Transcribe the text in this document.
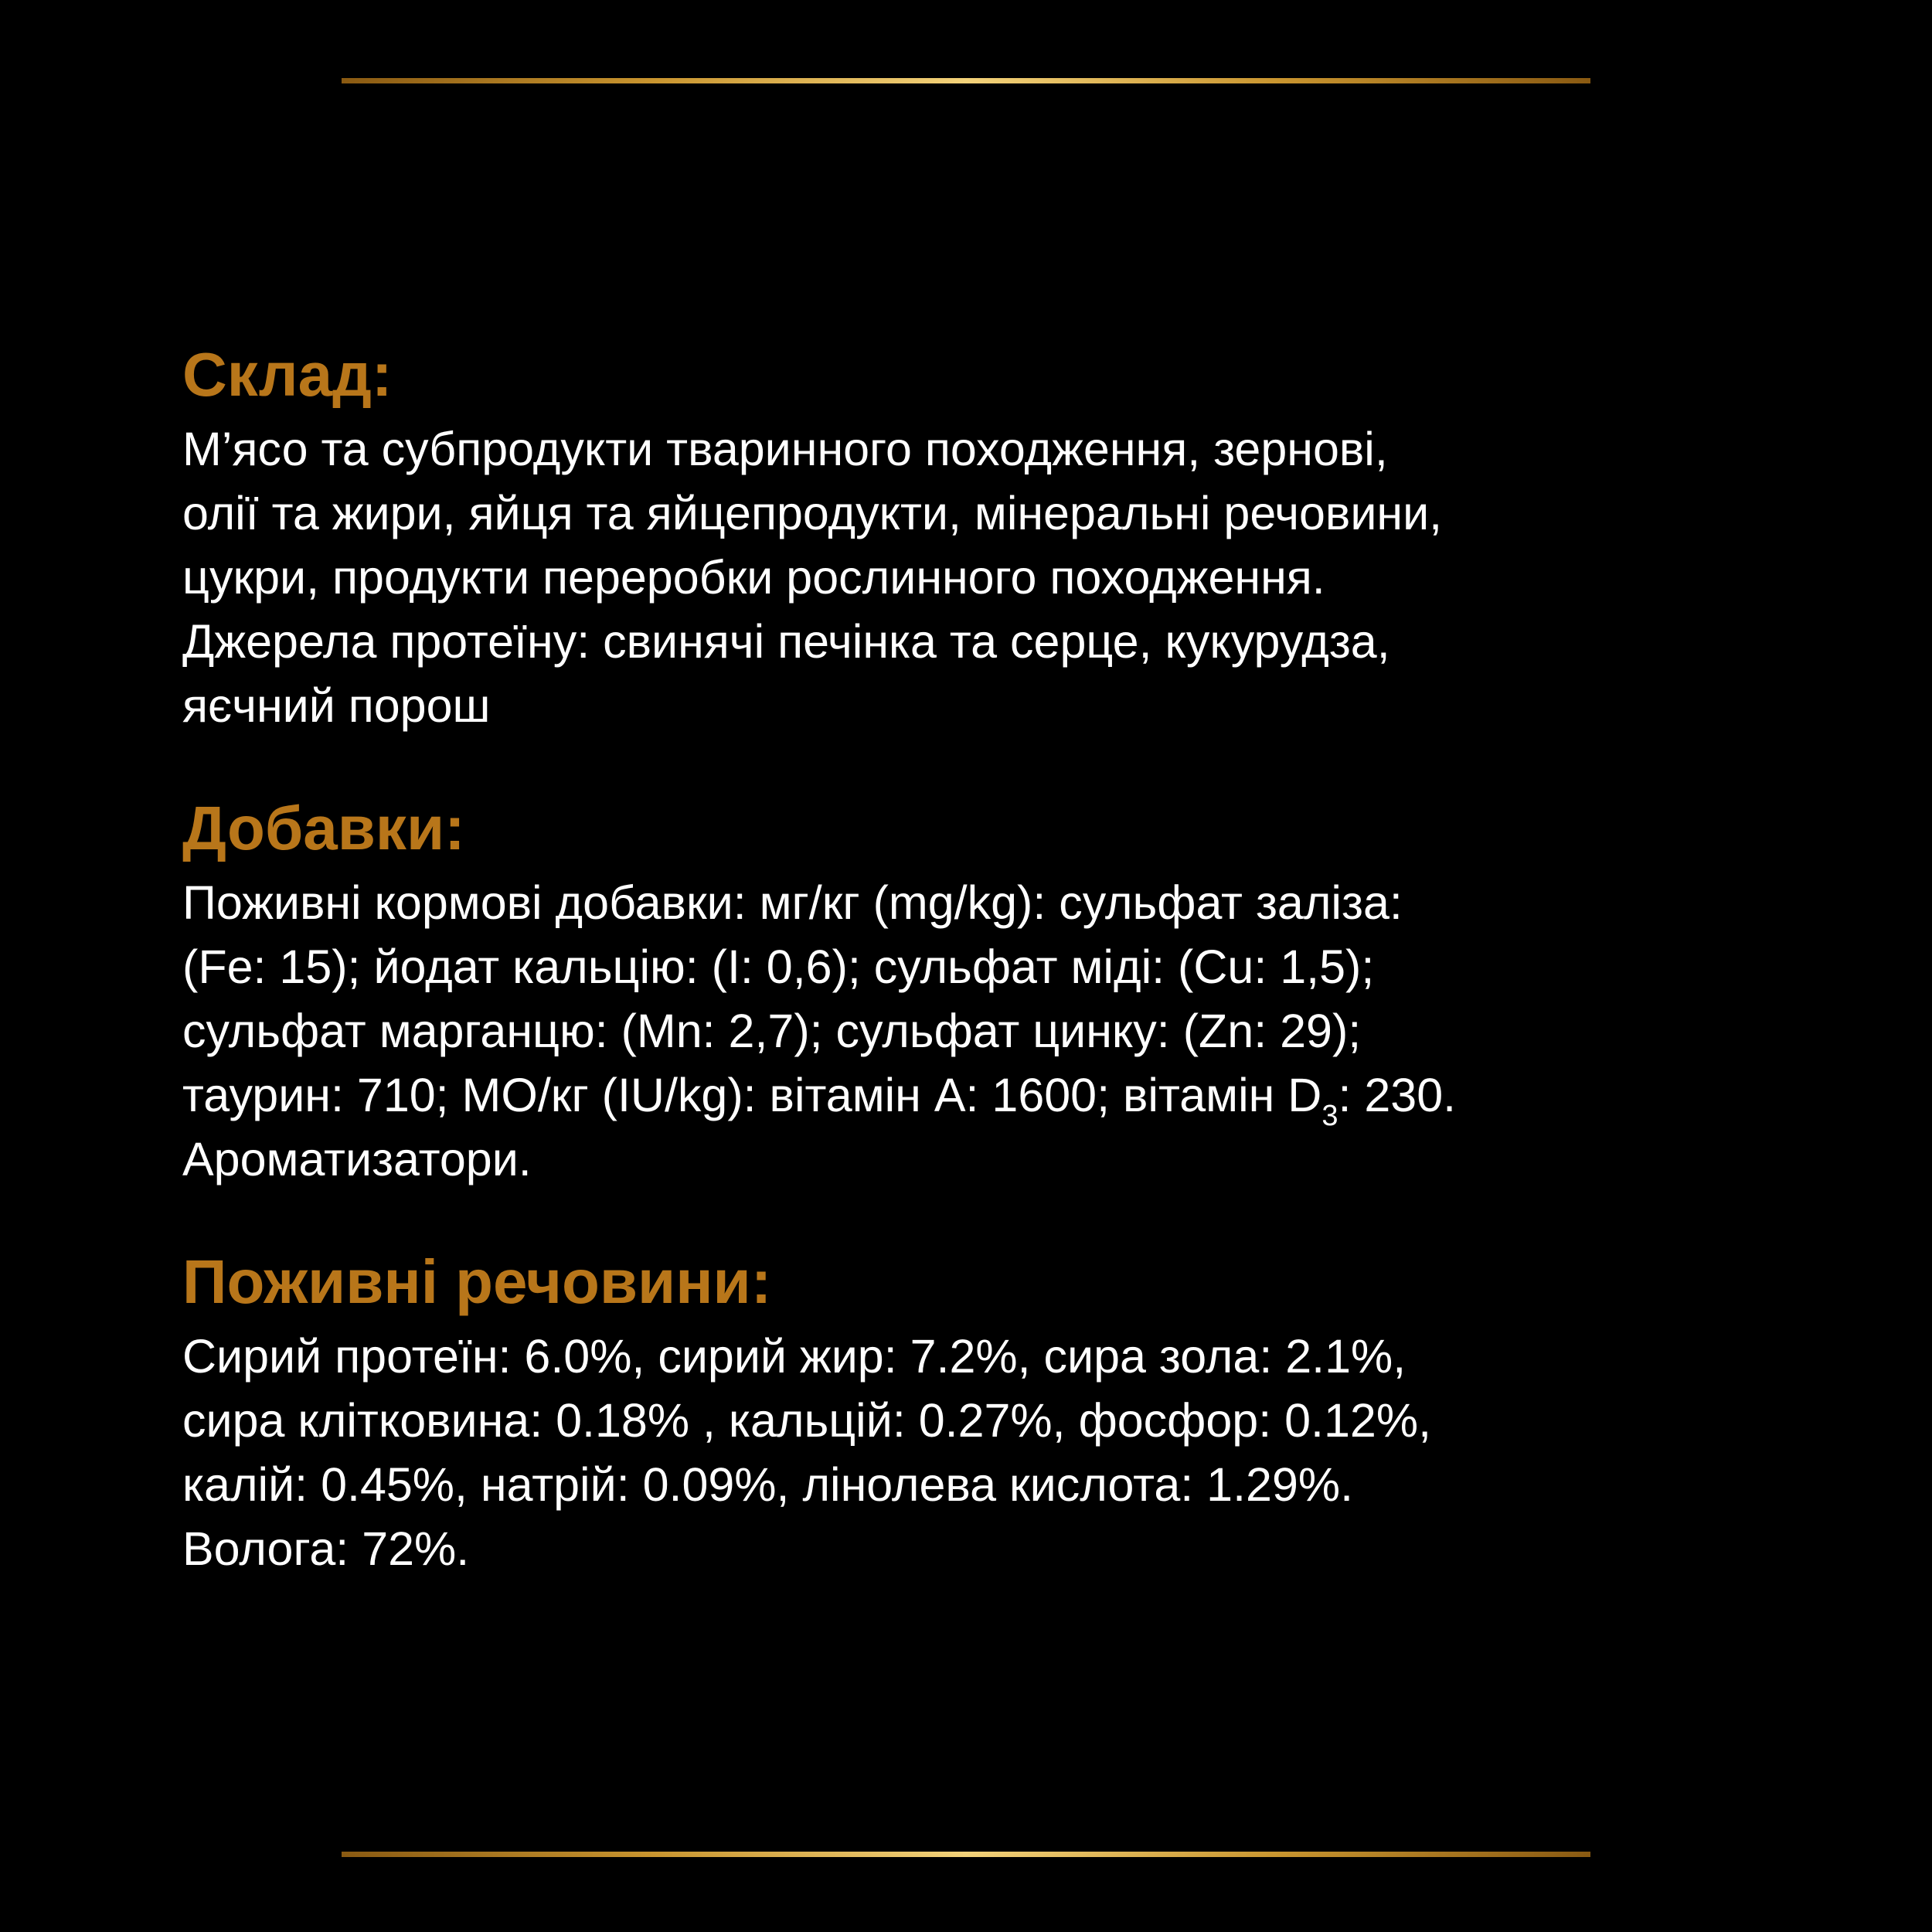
Склад:

М’ясо та субпродукти тваринного походження, зернові,

олії та жири, яйця та яйцепродукти, мінеральні речовини,

цукри, продукти переробки рослинного походження.

Джерела протеїну: свинячі печінка та серце, кукурудза,

яєчний порош

Добавки:

Поживні кормові добавки: мг/кг (mg/kg): сульфат заліза:

(Fe: 15); йодат кальцію: (I: 0,6); сульфат міді: (Cu: 1,5);

сульфат марганцю: (Mn: 2,7); сульфат цинку: (Zn: 29);

таурин: 710; МО/кг (IU/kg): вітамін А: 1600; вітамін $D_3$: 230.

Ароматизатори.

Поживні речовини:

Сирий протеїн: 6.0%, сирий жир: 7.2%, сира зола: 2.1%,

сира клітковина: 0.18% , кальцій: 0.27%, фосфор: 0.12%,

калій: 0.45%, натрій: 0.09%, лінолева кислота: 1.29%.

Волога: 72%.
